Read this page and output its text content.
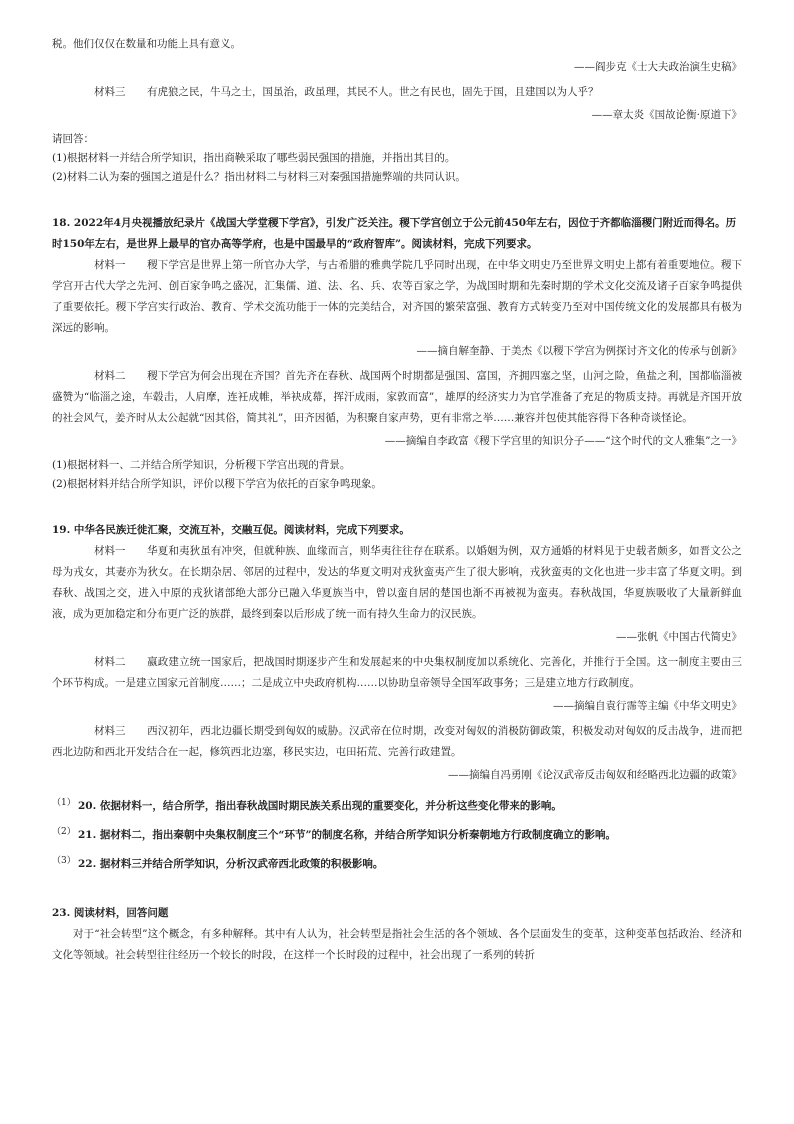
税。他们仅仅在数量和功能上具有意义。

——阎步克《士大夫政治演生史稿》

材料三 有虎狼之民，牛马之士，国虽治，政虽理，其民不人。世之有民也，固先于国，且建国以为人乎？

——章太炎《国故论衡·原道下》

请回答：

(1)根据材料一并结合所学知识，指出商鞅采取了哪些弱民强国的措施，并指出其目的。

(2)材料二认为秦的强国之道是什么？指出材料二与材料三对秦强国措施弊端的共同认识。

18. 2022年4月央视播放纪录片《战国大学堂稷下学宫》，引发广泛关注。稷下学宫创立于公元前450年左右，因位于齐都临淄稷门附近而得名。历时150年左右，是世界上最早的官办高等学府，也是中国最早的“政府智库”。阅读材料，完成下列要求。

材料一 稷下学宫是世界上第一所官办大学，与古希腊的雅典学院几乎同时出现，在中华文明史乃至世界文明史上都有着重要地位。稷下学宫开古代大学之先河、创百家争鸣之盛况，汇集儒、道、法、名、兵、农等百家之学，为战国时期和先秦时期的学术文化交流及诸子百家争鸣提供了重要依托。稷下学宫实行政治、教育、学术交流功能于一体的完美结合，对齐国的繁荣富强、教育方式转变乃至对中国传统文化的发展都具有极为深远的影响。

——摘自解奎静、于美杰《以稷下学宫为例探讨齐文化的传承与创新》

材料二 稷下学宫为何会出现在齐国？首先齐在春秋、战国两个时期都是强国、富国，齐拥四塞之坚，山河之险，鱼盐之利，国都临淄被盛赞为“临淄之途，车毂击，人肩摩，连衽成帷，举袂成幕，挥汗成雨，家敦而富”，雄厚的经济实力为官学准备了充足的物质支持。再就是齐国开放的社会风气，姜齐时从太公起就“因其俗，简其礼”，田齐因循，为积聚自家声势，更有非常之举……兼容并包使其能容得下各种奇谈怪论。

——摘编自李政富《稷下学宫里的知识分子——“这个时代的文人雅集”之一》

(1)根据材料一、二并结合所学知识，分析稷下学宫出现的背景。

(2)根据材料并结合所学知识，评价以稷下学宫为依托的百家争鸣现象。

19. 中华各民族迁徙汇聚，交流互补，交融互促。阅读材料，完成下列要求。

材料一 华夏和夷狄虽有冲突，但就种族、血缘而言，则华夷往往存在联系。以婚姻为例，双方通婚的材料见于史载者颇多，如晋文公之母为戎女，其妻亦为狄女。在长期杂居、邻居的过程中，发达的华夏文明对戎狄蛮夷产生了很大影响，戎狄蛮夷的文化也进一步丰富了华夏文明。到春秋、战国之交，进入中原的戎狄诸部绝大部分已融入华夏族当中，曾以蛮自居的楚国也渐不再被视为蛮夷。春秋战国，华夏族吸收了大量新鲜血液，成为更加稳定和分布更广泛的族群，最终到秦以后形成了统一而有持久生命力的汉民族。

——张帆《中国古代简史》

材料二 嬴政建立统一国家后，把战国时期逐步产生和发展起来的中央集权制度加以系统化、完善化，并推行于全国。这一制度主要由三个环节构成。一是建立国家元首制度……；二是成立中央政府机构……以协助皇帝领导全国军政事务；三是建立地方行政制度。

——摘编自袁行霈等主编《中华文明史》

材料三 西汉初年，西北边疆长期受到匈奴的威胁。汉武帝在位时期，改变对匈奴的消极防御政策，积极发动对匈奴的反击战争，进而把西北边防和西北开发结合在一起，修筑西北边塞，移民实边，屯田拓荒、完善行政建置。

——摘编自冯勇刚《论汉武帝反击匈奴和经略西北边疆的政策》

（1） 20. 依据材料一，结合所学，指出春秋战国时期民族关系出现的重要变化，并分析这些变化带来的影响。

（2） 21. 据材料二，指出秦朝中央集权制度三个“环节”的制度名称，并结合所学知识分析秦朝地方行政制度确立的影响。

（3） 22. 据材料三并结合所学知识，分析汉武帝西北政策的积极影响。

23. 阅读材料，回答问题

对于“社会转型”这个概念，有多种解释。其中有人认为，社会转型是指社会生活的各个领域、各个层面发生的变革，这种变革包括政治、经济和文化等领域。社会转型往往经历一个较长的时段，在这样一个长时段的过程中，社会出现了一系列的转折
